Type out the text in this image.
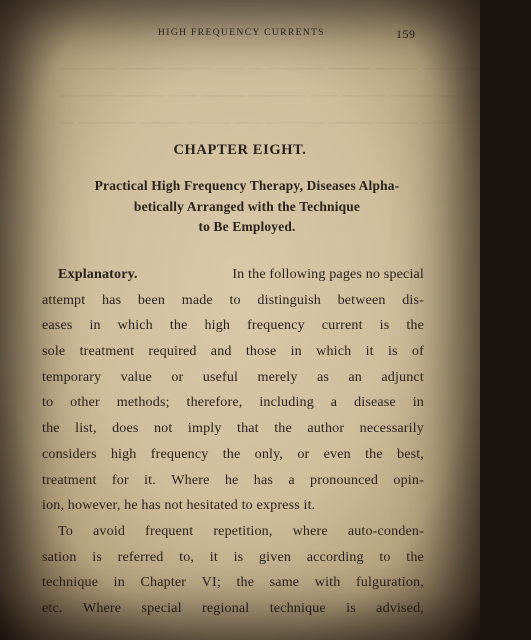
———— ——— ——— —— — ———— ——— ——— —— ——— ——
———— ——— —— ——— ———— —— ——— ——— —— ——
— ———— ——— ——— —— ———— ——— ——— ——
HIGH FREQUENCY CURRENTS	159
CHAPTER EIGHT.
Practical High Frequency Therapy, Diseases Alpha-
betically Arranged with the Technique
to Be Employed.
Explanatory.	In the following pages no special
attempt has been made to distinguish between dis-
eases in which the high frequency current is the
sole treatment required and those in which it is of
temporary value or useful merely as an adjunct
to other methods; therefore, including a disease in
the list, does not imply that the author necessarily
considers high frequency the only, or even the best,
treatment for it. Where he has a pronounced opin-
ion, however, he has not hesitated to express it.
To avoid frequent repetition, where auto-conden-
sation is referred to, it is given according to the
technique in Chapter VI; the same with fulguration,
etc. Where special regional technique is advised,
